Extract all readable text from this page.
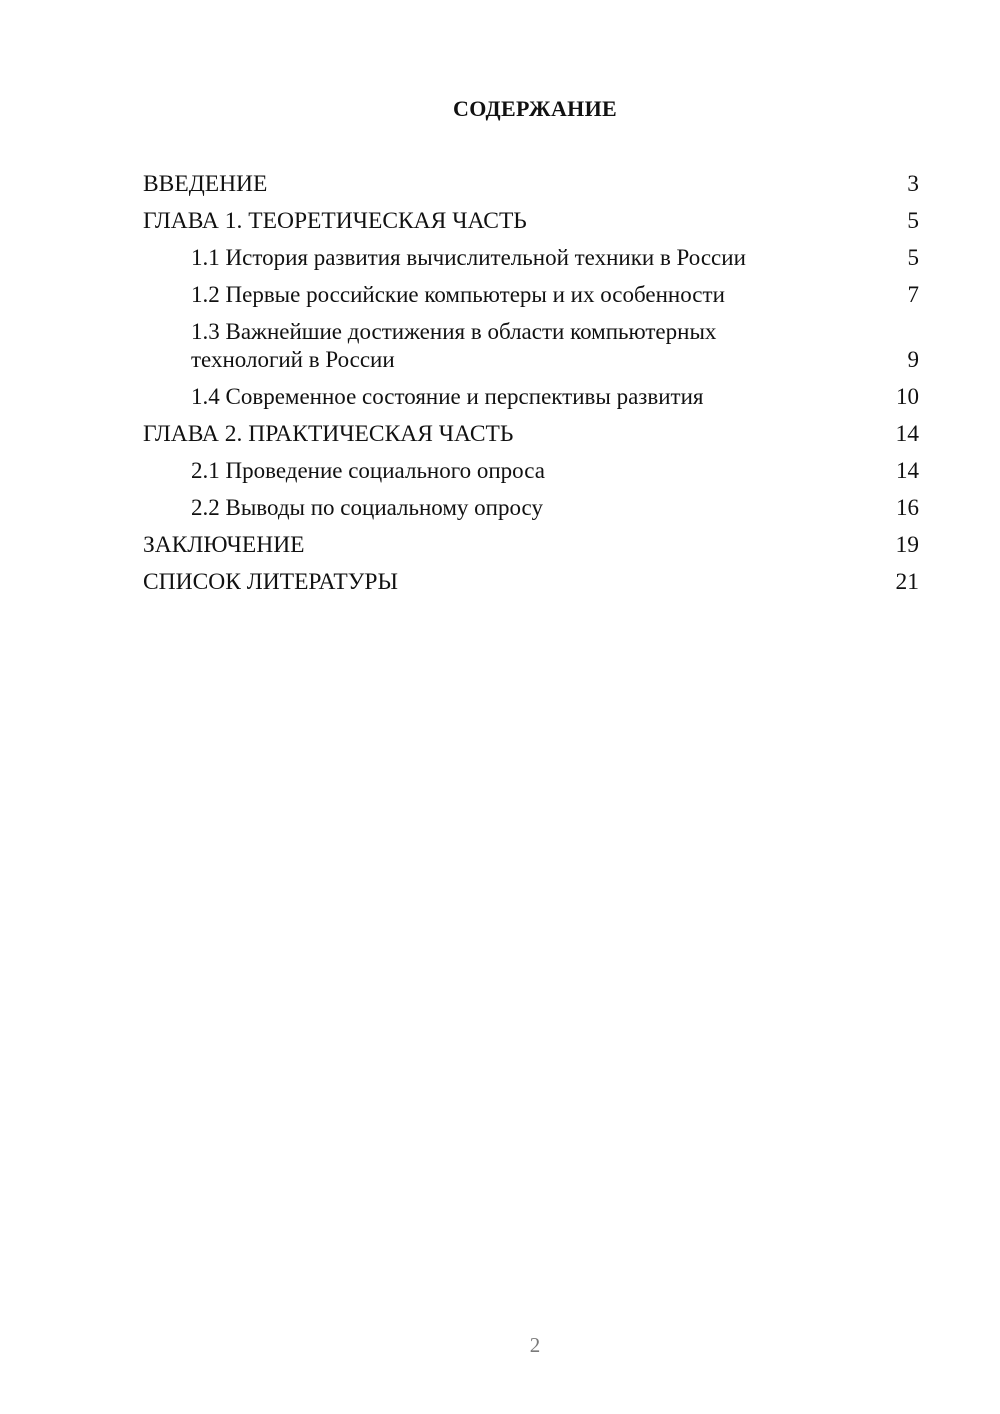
СОДЕРЖАНИЕ
ВВЕДЕНИЕ	3
ГЛАВА 1. ТЕОРЕТИЧЕСКАЯ ЧАСТЬ	5
1.1 История развития вычислительной техники в России	5
1.2 Первые российские компьютеры и их особенности	7
1.3 Важнейшие достижения в области компьютерных технологий в России	9
1.4 Современное состояние и перспективы развития	10
ГЛАВА 2. ПРАКТИЧЕСКАЯ ЧАСТЬ	14
2.1 Проведение социального опроса	14
2.2 Выводы по социальному опросу	16
ЗАКЛЮЧЕНИЕ	19
СПИСОК ЛИТЕРАТУРЫ	21
2
